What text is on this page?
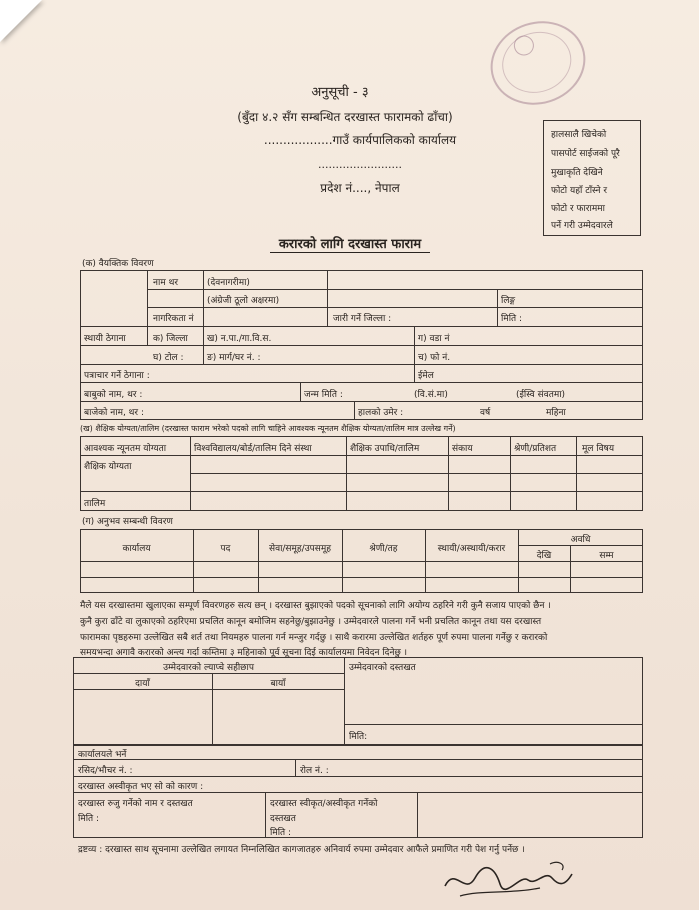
अनुसूची - ३
(बुँदा ४.२ सँग सम्बन्धित दरखास्त फारामको ढाँचा)
..................गाउँ कार्यपालिकको कार्यालय
........................
प्रदेश नं...., नेपाल
हालसालै खिचेको
पासपोर्ट साईजको पूरै
मुखाकृति देखिने
फोटो यहाँ टाँस्ने र
फोटो र फाराममा
पर्ने गरी उम्मेदवारले
करारको लागि दरखास्त फाराम
(क) वैयक्तिक विवरण
नाम थर	(देवनागरीमा)
(अंग्रेजी ठूलो अक्षरमा)	लिङ्ग
नागरिकता नं	जारी गर्ने जिल्ला :	मिति :
स्थायी ठेगाना	क) जिल्ला ख) न.पा./गा.वि.स.	ग) वडा नं
घ) टोल :	ङ) मार्ग/घर नं. :	च) फो नं.
पत्राचार गर्ने ठेगाना :	ईमेल
बाबुको नाम, थर :	जन्म मिति :	(वि.सं.मा)	(ईस्वि संवतमा)
बाजेको नाम, थर :	हालको उमेर :	वर्ष	महिना
(ख) शैक्षिक योग्यता/तालिम (दरखास्त फाराम भरेको पदको लागि चाहिने आवश्यक न्यूनतम शैक्षिक योग्यता/तालिम मात्र उल्लेख गर्ने)
आवश्यक न्यूनतम योग्यता	विश्वविद्यालय/बोर्ड/तालिम दिने संस्था	शैक्षिक उपाधि/तालिम	संकाय	श्रेणी/प्रतिशत	मूल विषय
शैक्षिक योग्यता
तालिम
(ग) अनुभव सम्बन्धी विवरण
कार्यालय	पद	सेवा/समूह/उपसमूह	श्रेणी/तह	स्थायी/अस्थायी/करार
अवधि
देखि	सम्म
मैले यस दरखास्तमा खुलाएका सम्पूर्ण विवरणहरु सत्य छन् । दरखास्त बुझाएको पदको सूचनाको लागि अयोग्य ठहरिने गरी कुनै सजाय पाएको छैन ।
कुनै कुरा ढाँटे वा लुकाएको ठहरिएमा प्रचलित कानून बमोजिम सहनेछु/बुझाउनेछु । उम्मेदवारले पालना गर्ने भनी प्रचलित कानून तथा यस दरखास्त
फारामका पृष्ठहरुमा उल्लेखित सबै शर्त तथा नियमहरु पालना गर्न मन्जुर गर्दछु । साथै करारमा उल्लेखित शर्तहरु पूर्ण रुपमा पालना गर्नेछु र करारको
समयभन्दा अगावै करारको अन्त्य गर्दा कम्तिमा ३ महिनाको पूर्व सूचना दिई कार्यालयमा निवेदन दिनेछु ।
उम्मेदवारको ल्याप्चे सहीछाप
दायाँ	बायाँ
उम्मेदवारको दस्तखत
मिति:
कार्यालयले भर्ने
रसिद/भौचर नं. :	रोल नं. :
दरखास्त अस्वीकृत भए सो को कारण :
दरखास्त रुजु गर्नेको नाम र दस्तखत
मिति :
दरखास्त स्वीकृत/अस्वीकृत गर्नेको
दस्तखत
मिति :
द्रष्टव्य : दरखास्त साथ सूचनामा उल्लेखित लगायत निम्नलिखित कागजातहरु अनिवार्य रुपमा उम्मेदवार आफैले प्रमाणित गरी पेश गर्नु पर्नेछ ।
